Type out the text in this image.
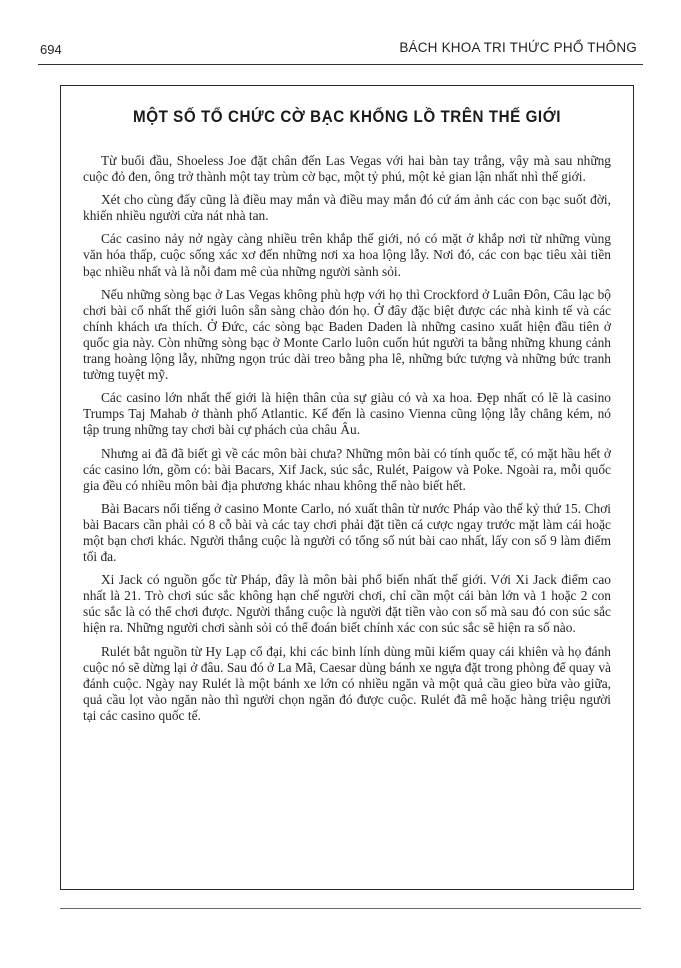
694	BÁCH KHOA TRI THỨC PHỔ THÔNG
MỘT SỐ TỔ CHỨC CỜ BẠC KHỔNG LỒ TRÊN THẾ GIỚI

Từ buổi đầu, Shoeless Joe đặt chân đến Las Vegas với hai bàn tay trắng, vậy mà sau những cuộc đỏ đen, ông trở thành một tay trùm cờ bạc, một tỷ phú, một kẻ gian lận nhất nhì thế giới.

Xét cho cùng đấy cũng là điều may mắn và điều may mắn đó cứ ám ảnh các con bạc suốt đời, khiến nhiều người cửa nát nhà tan.

Các casino nảy nở ngày càng nhiều trên khắp thế giới, nó có mặt ở khắp nơi từ những vùng văn hóa thấp, cuộc sống xác xơ đến những nơi xa hoa lộng lẫy. Nơi đó, các con bạc tiêu xài tiền bạc nhiều nhất và là nỗi đam mê của những người sành sỏi.

Nếu những sòng bạc ở Las Vegas không phù hợp với họ thì Crockford ở Luân Đôn, Câu lạc bộ chơi bài cổ nhất thế giới luôn sẵn sàng chào đón họ. Ở đây đặc biệt được các nhà kinh tế và các chính khách ưa thích. Ở Đức, các sòng bạc Baden Daden là những casino xuất hiện đầu tiên ở quốc gia này. Còn những sòng bạc ở Monte Carlo luôn cuốn hút người ta bằng những khung cảnh trang hoàng lộng lẫy, những ngọn trúc dài treo bằng pha lê, những bức tượng và những bức tranh tường tuyệt mỹ.

Các casino lớn nhất thế giới là hiện thân của sự giàu có và xa hoa. Đẹp nhất có lẽ là casino Trumps Taj Mahab ở thành phố Atlantic. Kế đến là casino Vienna cũng lộng lẫy chẳng kém, nó tập trung những tay chơi bài cự phách của châu Âu.

Nhưng ai đã đã biết gì về các môn bài chưa? Những môn bài có tính quốc tế, có mặt hầu hết ở các casino lớn, gồm có: bài Bacars, Xif Jack, súc sắc, Rulét, Paigow và Poke. Ngoài ra, mỗi quốc gia đều có nhiều môn bài địa phương khác nhau không thể nào biết hết.

Bài Bacars nổi tiếng ở casino Monte Carlo, nó xuất thân từ nước Pháp vào thế kỷ thứ 15. Chơi bài Bacars cần phải có 8 cỗ bài và các tay chơi phải đặt tiền cá cược ngay trước mặt làm cái hoặc một bạn chơi khác. Người thắng cuộc là người có tổng số nút bài cao nhất, lấy con số 9 làm điểm tối đa.

Xi Jack có nguồn gốc từ Pháp, đây là môn bài phổ biến nhất thế giới. Với Xi Jack điểm cao nhất là 21. Trò chơi súc sắc không hạn chế người chơi, chỉ cần một cái bàn lớn và 1 hoặc 2 con súc sắc là có thể chơi được. Người thắng cuộc là người đặt tiền vào con số mà sau đó con súc sắc hiện ra. Những người chơi sành sỏi có thể đoán biết chính xác con súc sắc sẽ hiện ra số nào.

Rulét bắt nguồn từ Hy Lạp cổ đại, khi các binh lính dùng mũi kiếm quay cái khiên và họ đánh cuộc nó sẽ dừng lại ở đâu. Sau đó ở La Mã, Caesar dùng bánh xe ngựa đặt trong phòng để quay và đánh cuộc. Ngày nay Rulét là một bánh xe lớn có nhiều ngăn và một quả cầu gieo bừa vào giữa, quả cầu lọt vào ngăn nào thì người chọn ngăn đó được cuộc. Rulét đã mê hoặc hàng triệu người tại các casino quốc tế.
